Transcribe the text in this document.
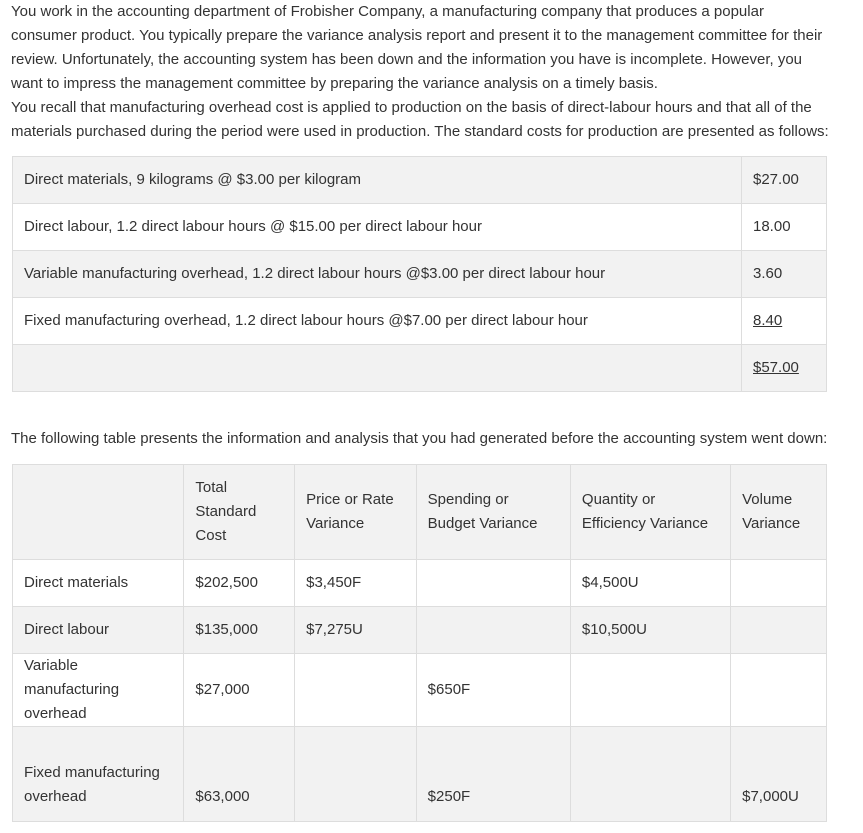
You work in the accounting department of Frobisher Company, a manufacturing company that produces a popular consumer product. You typically prepare the variance analysis report and present it to the management committee for their review. Unfortunately, the accounting system has been down and the information you have is incomplete. However, you want to impress the management committee by preparing the variance analysis on a timely basis.

You recall that manufacturing overhead cost is applied to production on the basis of direct-labour hours and that all of the materials purchased during the period were used in production. The standard costs for production are presented as follows:

Direct materials, 9 kilograms @ $3.00 per kilogram	$27.00
Direct labour, 1.2 direct labour hours @ $15.00 per direct labour hour	18.00
Variable manufacturing overhead, 1.2 direct labour hours @$3.00 per direct labour hour	3.60
Fixed manufacturing overhead, 1.2 direct labour hours @$7.00 per direct labour hour	8.40
	$57.00
The following table presents the information and analysis that you had generated before the accounting system went down:
	Total Standard Cost	Price or Rate Variance	Spending or Budget Variance	Quantity or Efficiency Variance	Volume Variance
Direct materials	$202,500	$3,450F		$4,500U	
Direct labour	$135,000	$7,275U		$10,500U	
Variable manufacturing overhead	$27,000		$650F		
Fixed manufacturing overhead	$63,000		$250F		$7,000U
